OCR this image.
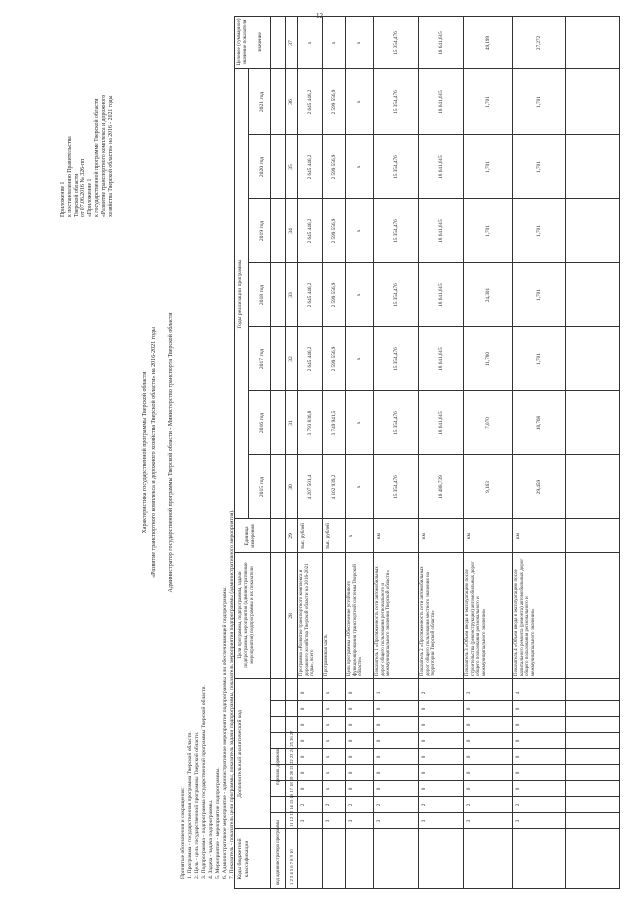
12
Приложение 1 к постановлению Правительства Тверской области от 07.06.2016 № 326-пп «Приложение 1 к государственной программе Тверской области «Развитие транспортного комплекса и дорожного хозяйства Тверской области» на 2016 - 2021 годы
Характеристика государственной программы Тверской области «Развитие транспортного комплекса и дорожного хозяйства Тверской области» на 2016-2021 годы Администратор государственной программы Тверской области - Министерство транспорта Тверской области
Принятые обозначения и сокращения: 1. Программа - государственная программа Тверской области. 2. Цель - цель государственной программы Тверской области. 3. Подпрограмма - подпрограмма государственной программы Тверской области. 4. Задача - задача подпрограммы. 5. Мероприятие - мероприятие подпрограммы. 6. Административное мероприятие - административное мероприятие подпрограммы или обеспечивающей подпрограммы. 7. Показатель - показатель цели программы, показатель задачи подпрограммы, показатель мероприятия подпрограммы (административного мероприятия). Коды бюджетной классификации
Дополнительный аналитический код
Цели программы, подпрограммы, задачи подпрограммы, мероприятия (административные мероприятия) подпрограммы и их показатели
Единица измерения
Годы реализации программы
Целевое (суммарное) значение показателя значение
2015 год
2016 год
2017 год
2018 год
2019 год
2020 год
2021 год
код администратора программы
признак дорожная
1 2 3 4 5 6 7 8 9 10
11 12 13 14 15 16 17 18 19 20 21 22 23 24 25 26 27
28
29
30
31
32
33
34
35
36
37
3
2
0
0
0
0
0
0
0
Программа «Развитие транспортного комплекса и дорожного хозяйства Тверской области на 2016-2021 годы», всего
тыс. рублей
4 207 501,4
3 793 836,8
2 645 446,2
2 645 446,2
2 645 446,2
2 645 446,2
2 645 446,2
x
3
2
x
x
x
x
x
x
x
Программная часть
тыс. рублей
4 162 939,2
3 749 941,5
2 599 556,9
2 599 556,9
2 599 556,9
2 599 556,9
2 599 556,9
x
3
2
0
0
0
0
0
0
0
Цель программы «Обеспечение устойчивого функционирования транспортной системы Тверской области»
x
x
x
x
x
x
x
x
x
3
2
0
0
0
0
0
0
1
Показатель 1 «Протяженность сети автомобильных дорог общего пользования регионального и межмуниципального значения Тверской области»
км
15 354,476
15 354,476
15 354,476
15 354,476
15 354,476
15 354,476
15 354,476
15 354,476
3
2
0
0
0
0
0
0
2
Показатель 2 «Протяженность сети автомобильных дорог общего пользования местного значения на территории Тверской области»
км
18 488,739
18 641,615
18 641,615
18 641,615
18 641,615
18 641,615
18 641,615
18 641,615
3
2
0
0
0
0
0
0
3
Показатель 3 «Объем ввода в эксплуатацию после строительства (реконструкции) автомобильных дорог общего пользования регионального и межмуниципального значения»
км
9,163
7,070
11,780
24,301
1,701
1,701
1,701
49,199
3
2
0
0
0
0
0
0
4
Показатель 4 «Объем ввода в эксплуатацию после капитального ремонта (ремонта) автомобильных дорог общего пользования регионального и межмуниципального значения»
км
29,459
18,768
1,701
1,701
1,701
1,701
1,701
27,272
